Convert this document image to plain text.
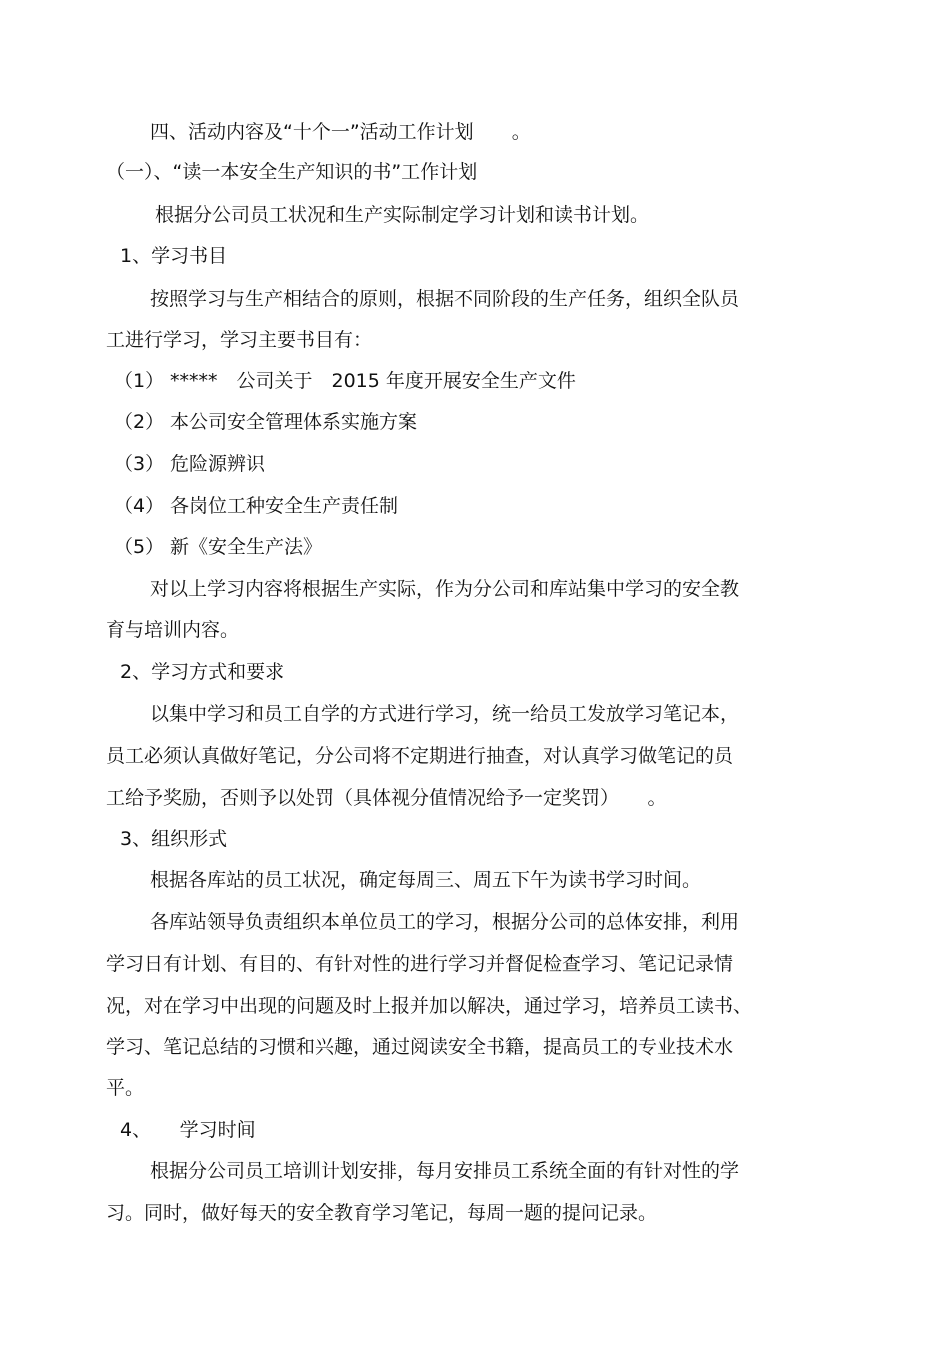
四、活动内容及“十个一”活动工作计划　　。

（一）、“读一本安全生产知识的书”工作计划

根据分公司员工状况和生产实际制定学习计划和读书计划。

1、学习书目

按照学习与生产相结合的原则，根据不同阶段的生产任务，组织全队员

工进行学习，学习主要书目有：

（1） *****　公司关于　2015 年度开展安全生产文件

（2） 本公司安全管理体系实施方案

（3） 危险源辨识

（4） 各岗位工种安全生产责任制

（5） 新《安全生产法》

对以上学习内容将根据生产实际，作为分公司和库站集中学习的安全教

育与培训内容。

2、学习方式和要求

以集中学习和员工自学的方式进行学习，统一给员工发放学习笔记本，

员工必须认真做好笔记，分公司将不定期进行抽查，对认真学习做笔记的员

工给予奖励，否则予以处罚（具体视分值情况给予一定奖罚）　　。

3、组织形式

根据各库站的员工状况，确定每周三、周五下午为读书学习时间。

各库站领导负责组织本单位员工的学习，根据分公司的总体安排，利用

学习日有计划、有目的、有针对性的进行学习并督促检查学习、笔记记录情

况，对在学习中出现的问题及时上报并加以解决，通过学习，培养员工读书、

学习、笔记总结的习惯和兴趣，通过阅读安全书籍，提高员工的专业技术水

平。

4、　　学习时间

根据分公司员工培训计划安排，每月安排员工系统全面的有针对性的学

习。同时，做好每天的安全教育学习笔记，每周一题的提问记录。
